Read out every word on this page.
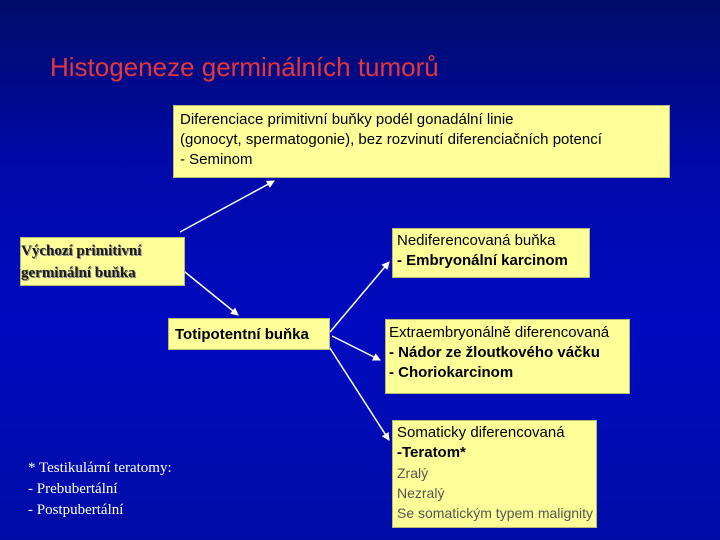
Histogeneze germinálních tumorů
Diferenciace primitivní buňky podél gonadální linie
(gonocyt, spermatogonie), bez rozvinutí diferenciačních potencí
- Seminom
Výchozí primitivní
germinální buňka
Totipotentní buňka
Nediferencovaná buňka
- Embryonální karcinom
Extraembryonálně diferencovaná
- Nádor ze žloutkového váčku
- Choriokarcinom
Somaticky diferencovaná
-Teratom*
Zralý
Nezralý
Se somatickým typem malignity
* Testikulární teratomy:
- Prebubertální
- Postpubertální
